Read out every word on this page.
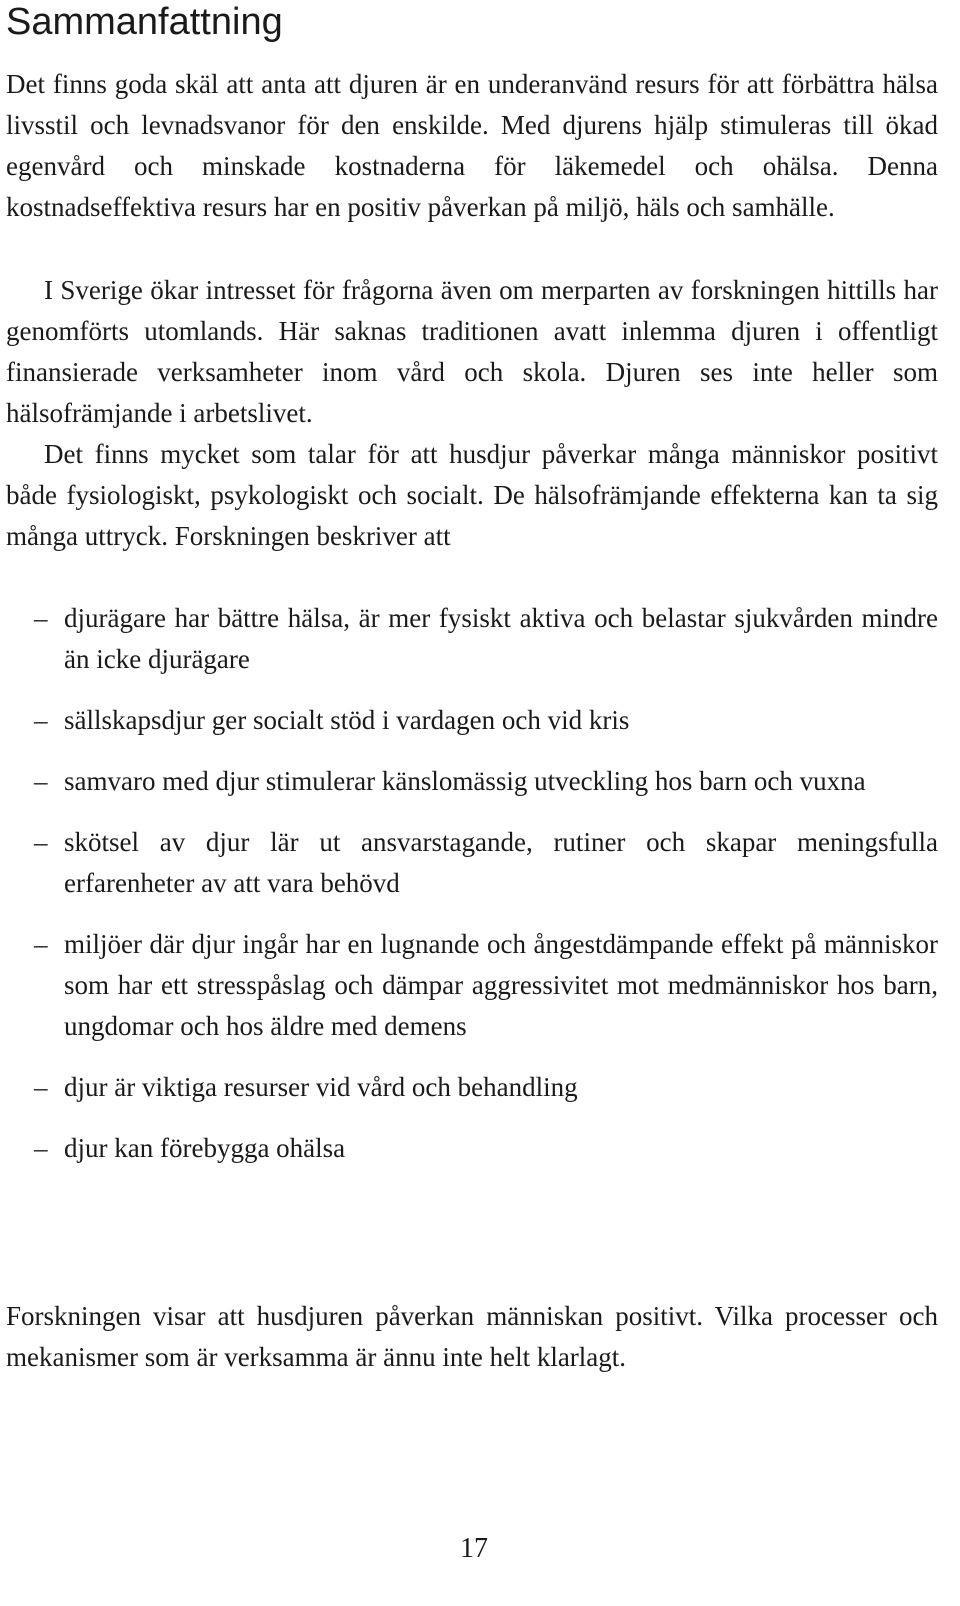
Sammanfattning

Det finns goda skäl att anta att djuren är en underanvänd resurs för att förbättra hälsa livsstil och levnadsvanor för den enskilde. Med djurens hjälp stimuleras till ökad egenvård och minskade kostnaderna för läkemedel och ohälsa. Denna kostnadseffektiva resurs har en positiv påverkan på miljö, häls och samhälle.

I Sverige ökar intresset för frågorna även om merparten av forskningen hittills har genomförts utomlands. Här saknas traditionen avatt inlemma djuren i offentligt finansierade verksamheter inom vård och skola. Djuren ses inte heller som hälsofrämjande i arbetslivet.

Det finns mycket som talar för att husdjur påverkar många människor positivt både fysiologiskt, psykologiskt och socialt. De hälsofrämjande effekterna kan ta sig många uttryck. Forskningen beskriver att

– djurägare har bättre hälsa, är mer fysiskt aktiva och belastar sjukvården mindre än icke djurägare
– sällskapsdjur ger socialt stöd i vardagen och vid kris
– samvaro med djur stimulerar känslomässig utveckling hos barn och vuxna
– skötsel av djur lär ut ansvarstagande, rutiner och skapar meningsfulla erfarenheter av att vara behövd
– miljöer där djur ingår har en lugnande och ångestdämpande effekt på människor som har ett stresspåslag och dämpar aggressivitet mot medmänniskor hos barn, ungdomar och hos äldre med demens
– djur är viktiga resurser vid vård och behandling
– djur kan förebygga ohälsa

Forskningen visar att husdjuren påverkan människan positivt. Vilka processer och mekanismer som är verksamma är ännu inte helt klarlagt.

17
